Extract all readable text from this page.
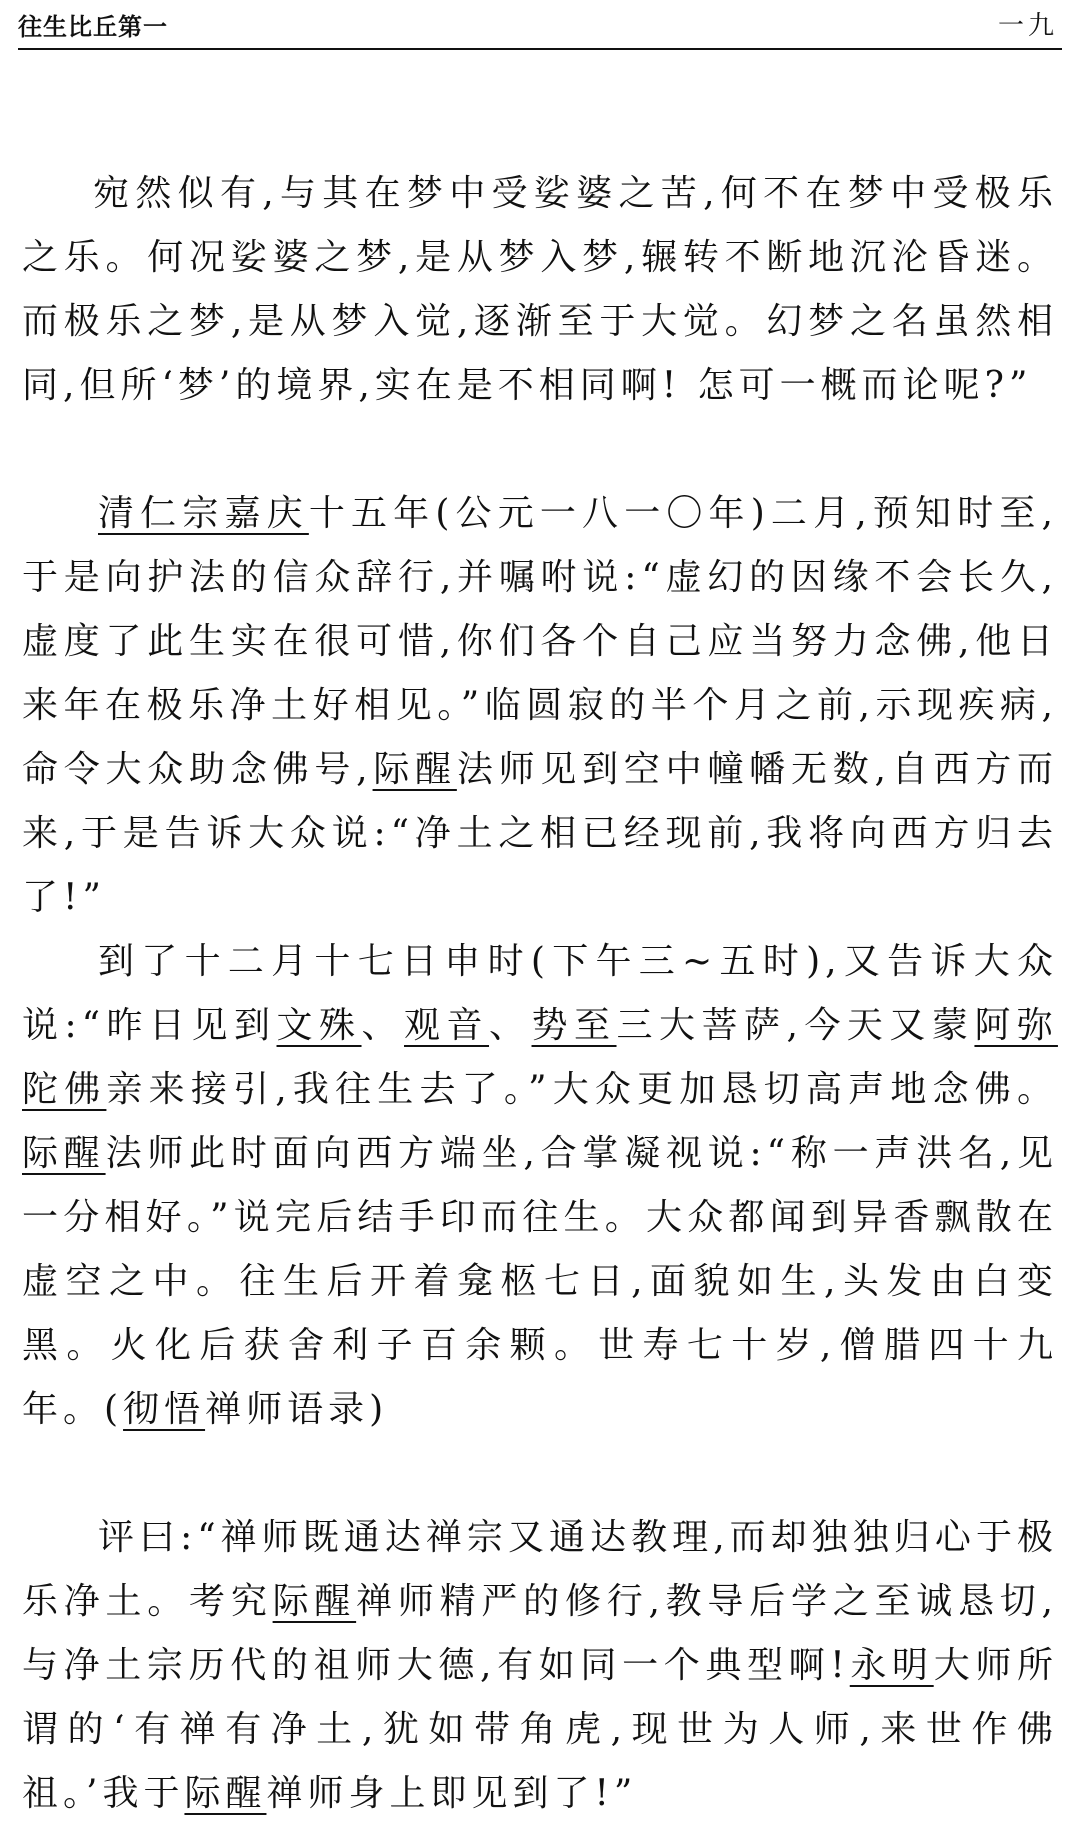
往生比丘第一	一九

宛然似有,与其在梦中受娑婆之苦,何不在梦中受极乐之乐。何况娑婆之梦,是从梦入梦,辗转不断地沉沦昏迷。而极乐之梦,是从梦入觉,逐渐至于大觉。幻梦之名虽然相同,但所‘梦’的境界,实在是不相同啊! 怎可一概而论呢?”

清仁宗嘉庆十五年(公元一八一〇年)二月,预知时至,于是向护法的信众辞行,并嘱咐说:“虚幻的因缘不会长久,虚度了此生实在很可惜,你们各个自己应当努力念佛,他日来年在极乐净土好相见。”临圆寂的半个月之前,示现疾病,命令大众助念佛号,际醒法师见到空中幢幡无数,自西方而来,于是告诉大众说:“净土之相已经现前,我将向西方归去了!”

到了十二月十七日申时(下午三~五时),又告诉大众说:“昨日见到文殊、观音、势至三大菩萨,今天又蒙阿弥陀佛亲来接引,我往生去了。”大众更加恳切高声地念佛。际醒法师此时面向西方端坐,合掌凝视说:“称一声洪名,见一分相好。”说完后结手印而往生。大众都闻到异香飘散在虚空之中。往生后开着龛柩七日,面貌如生,头发由白变黑。火化后获舍利子百余颗。世寿七十岁,僧腊四十九年。(彻悟禅师语录)

评曰:“禅师既通达禅宗又通达教理,而却独独归心于极乐净土。考究际醒禅师精严的修行,教导后学之至诚恳切,与净土宗历代的祖师大德,有如同一个典型啊!永明大师所谓的‘有禅有净土,犹如带角虎,现世为人师,来世作佛祖。’我于际醒禅师身上即见到了!”
